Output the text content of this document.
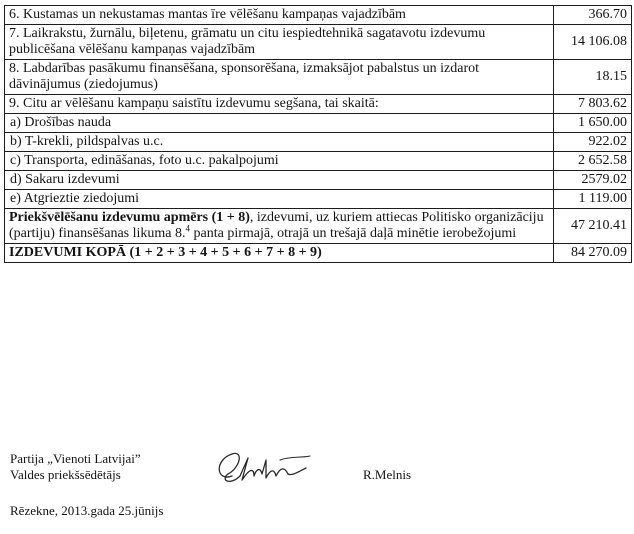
6. Kustamas un nekustamas mantas īre vēlēšanu kampaņas vajadzībām	366.70
7. Laikrakstu, žurnālu, biļetenu, grāmatu un citu iespiedtehnikā sagatavotu izdevumu publicēšana vēlēšanu kampaņas vajadzībām	14 106.08
8. Labdarības pasākumu finansēšana, sponsorēšana, izmaksājot pabalstus un izdarot dāvinājumus (ziedojumus)	18.15
9. Citu ar vēlēšanu kampaņu saistītu izdevumu segšana, tai skaitā:	7 803.62
a) Drošības nauda	1 650.00
b) T-krekli, pildspalvas u.c.	922.02
c) Transporta, edināšanas, foto u.c. pakalpojumi	2 652.58
d) Sakaru izdevumi	2579.02
e) Atgrieztie ziedojumi	1 119.00
Priekšvēlēšanu izdevumu apmērs (1 + 8), izdevumi, uz kuriem attiecas Politisko organizāciju (partiju) finansēšanas likuma 8.$^4$ panta pirmajā, otrajā un trešajā daļā minētie ierobežojumi	47 210.41
IZDEVUMI KOPĀ (1 + 2 + 3 + 4 + 5 + 6 + 7 + 8 + 9)	84 270.09
Partija „Vienoti Latvijai”
Valdes priekšsēdētājs	R.Melnis
Rēzekne, 2013.gada 25.jūnijs
